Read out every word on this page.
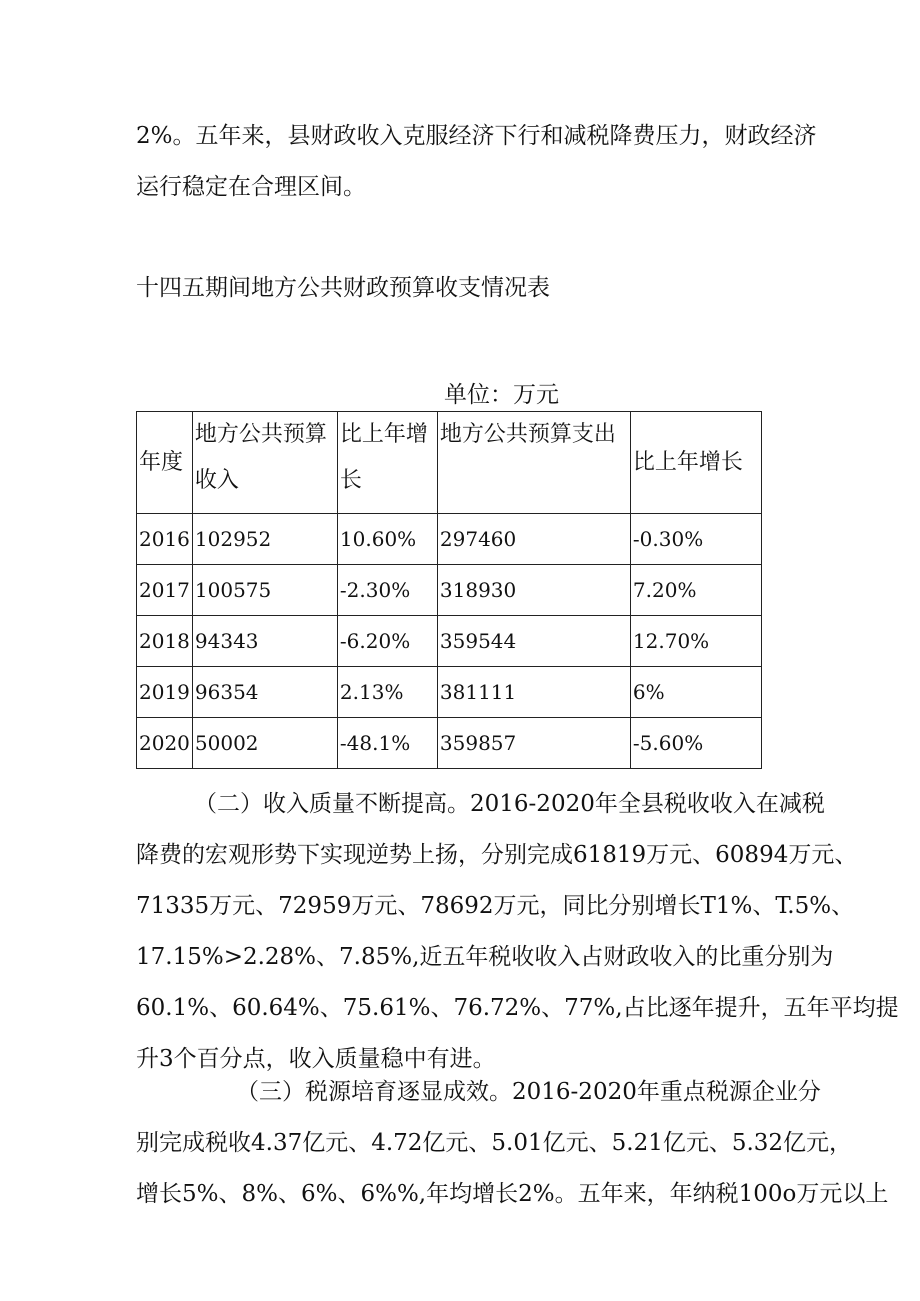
2%。五年来，县财政收入克服经济下行和减税降费压力，财政经济
运行稳定在合理区间。
十四五期间地方公共财政预算收支情况表
单位：万元
年度	地方公共预算收入	比上年增长	地方公共预算支出	比上年增长
2016	102952	10.60%	297460	-0.30%
2017	100575	-2.30%	318930	7.20%
2018	94343	-6.20%	359544	12.70%
2019	96354	2.13%	381111	6%
2020	50002	-48.1%	359857	-5.60%
（二）收入质量不断提高。2016-2020年全县税收收入在减税
降费的宏观形势下实现逆势上扬，分别完成61819万元、60894万元、
71335万元、72959万元、78692万元，同比分别增长T1%、T.5%、
17.15%>2.28%、7.85%,近五年税收收入占财政收入的比重分别为
60.1%、60.64%、75.61%、76.72%、77%,占比逐年提升，五年平均提
升3个百分点，收入质量稳中有进。
（三）税源培育逐显成效。2016-2020年重点税源企业分
别完成税收4.37亿元、4.72亿元、5.01亿元、5.21亿元、5.32亿元，
增长5%、8%、6%、6%%,年均增长2%。五年来，年纳税100o万元以上
